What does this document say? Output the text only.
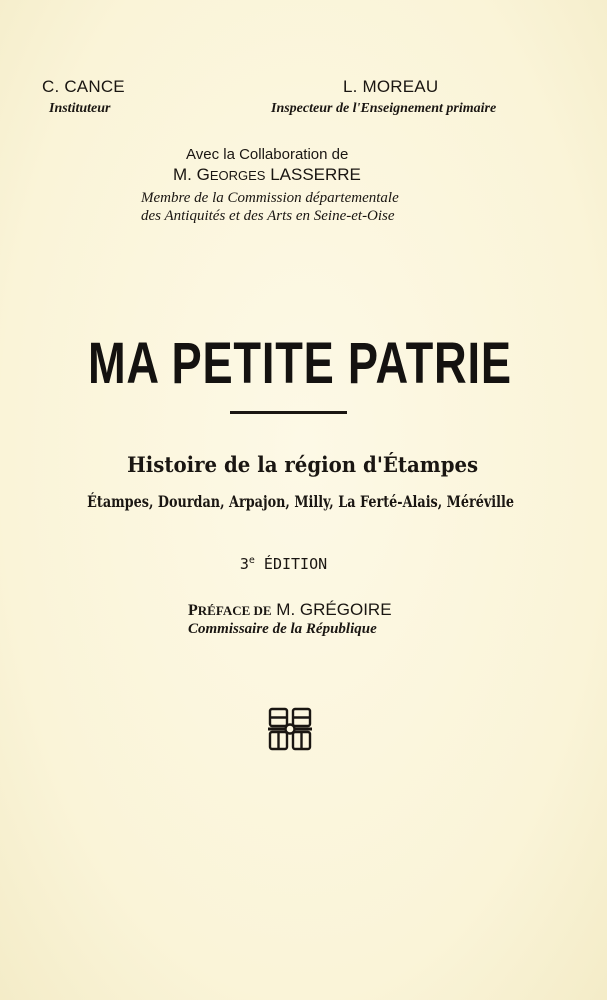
C. CANCE
Instituteur
L. MOREAU
Inspecteur de l'Enseignement primaire
Avec la Collaboration de
M. GEORGES LASSERRE
Membre de la Commission départementale
des Antiquités et des Arts en Seine-et-Oise
MA PETITE PATRIE
Histoire de la région d'Étampes
Étampes, Dourdan, Arpajon, Milly, La Ferté-Alais, Méréville
3e ÉDITION
PRÉFACE DE M. GRÉGOIRE
Commissaire de la République
